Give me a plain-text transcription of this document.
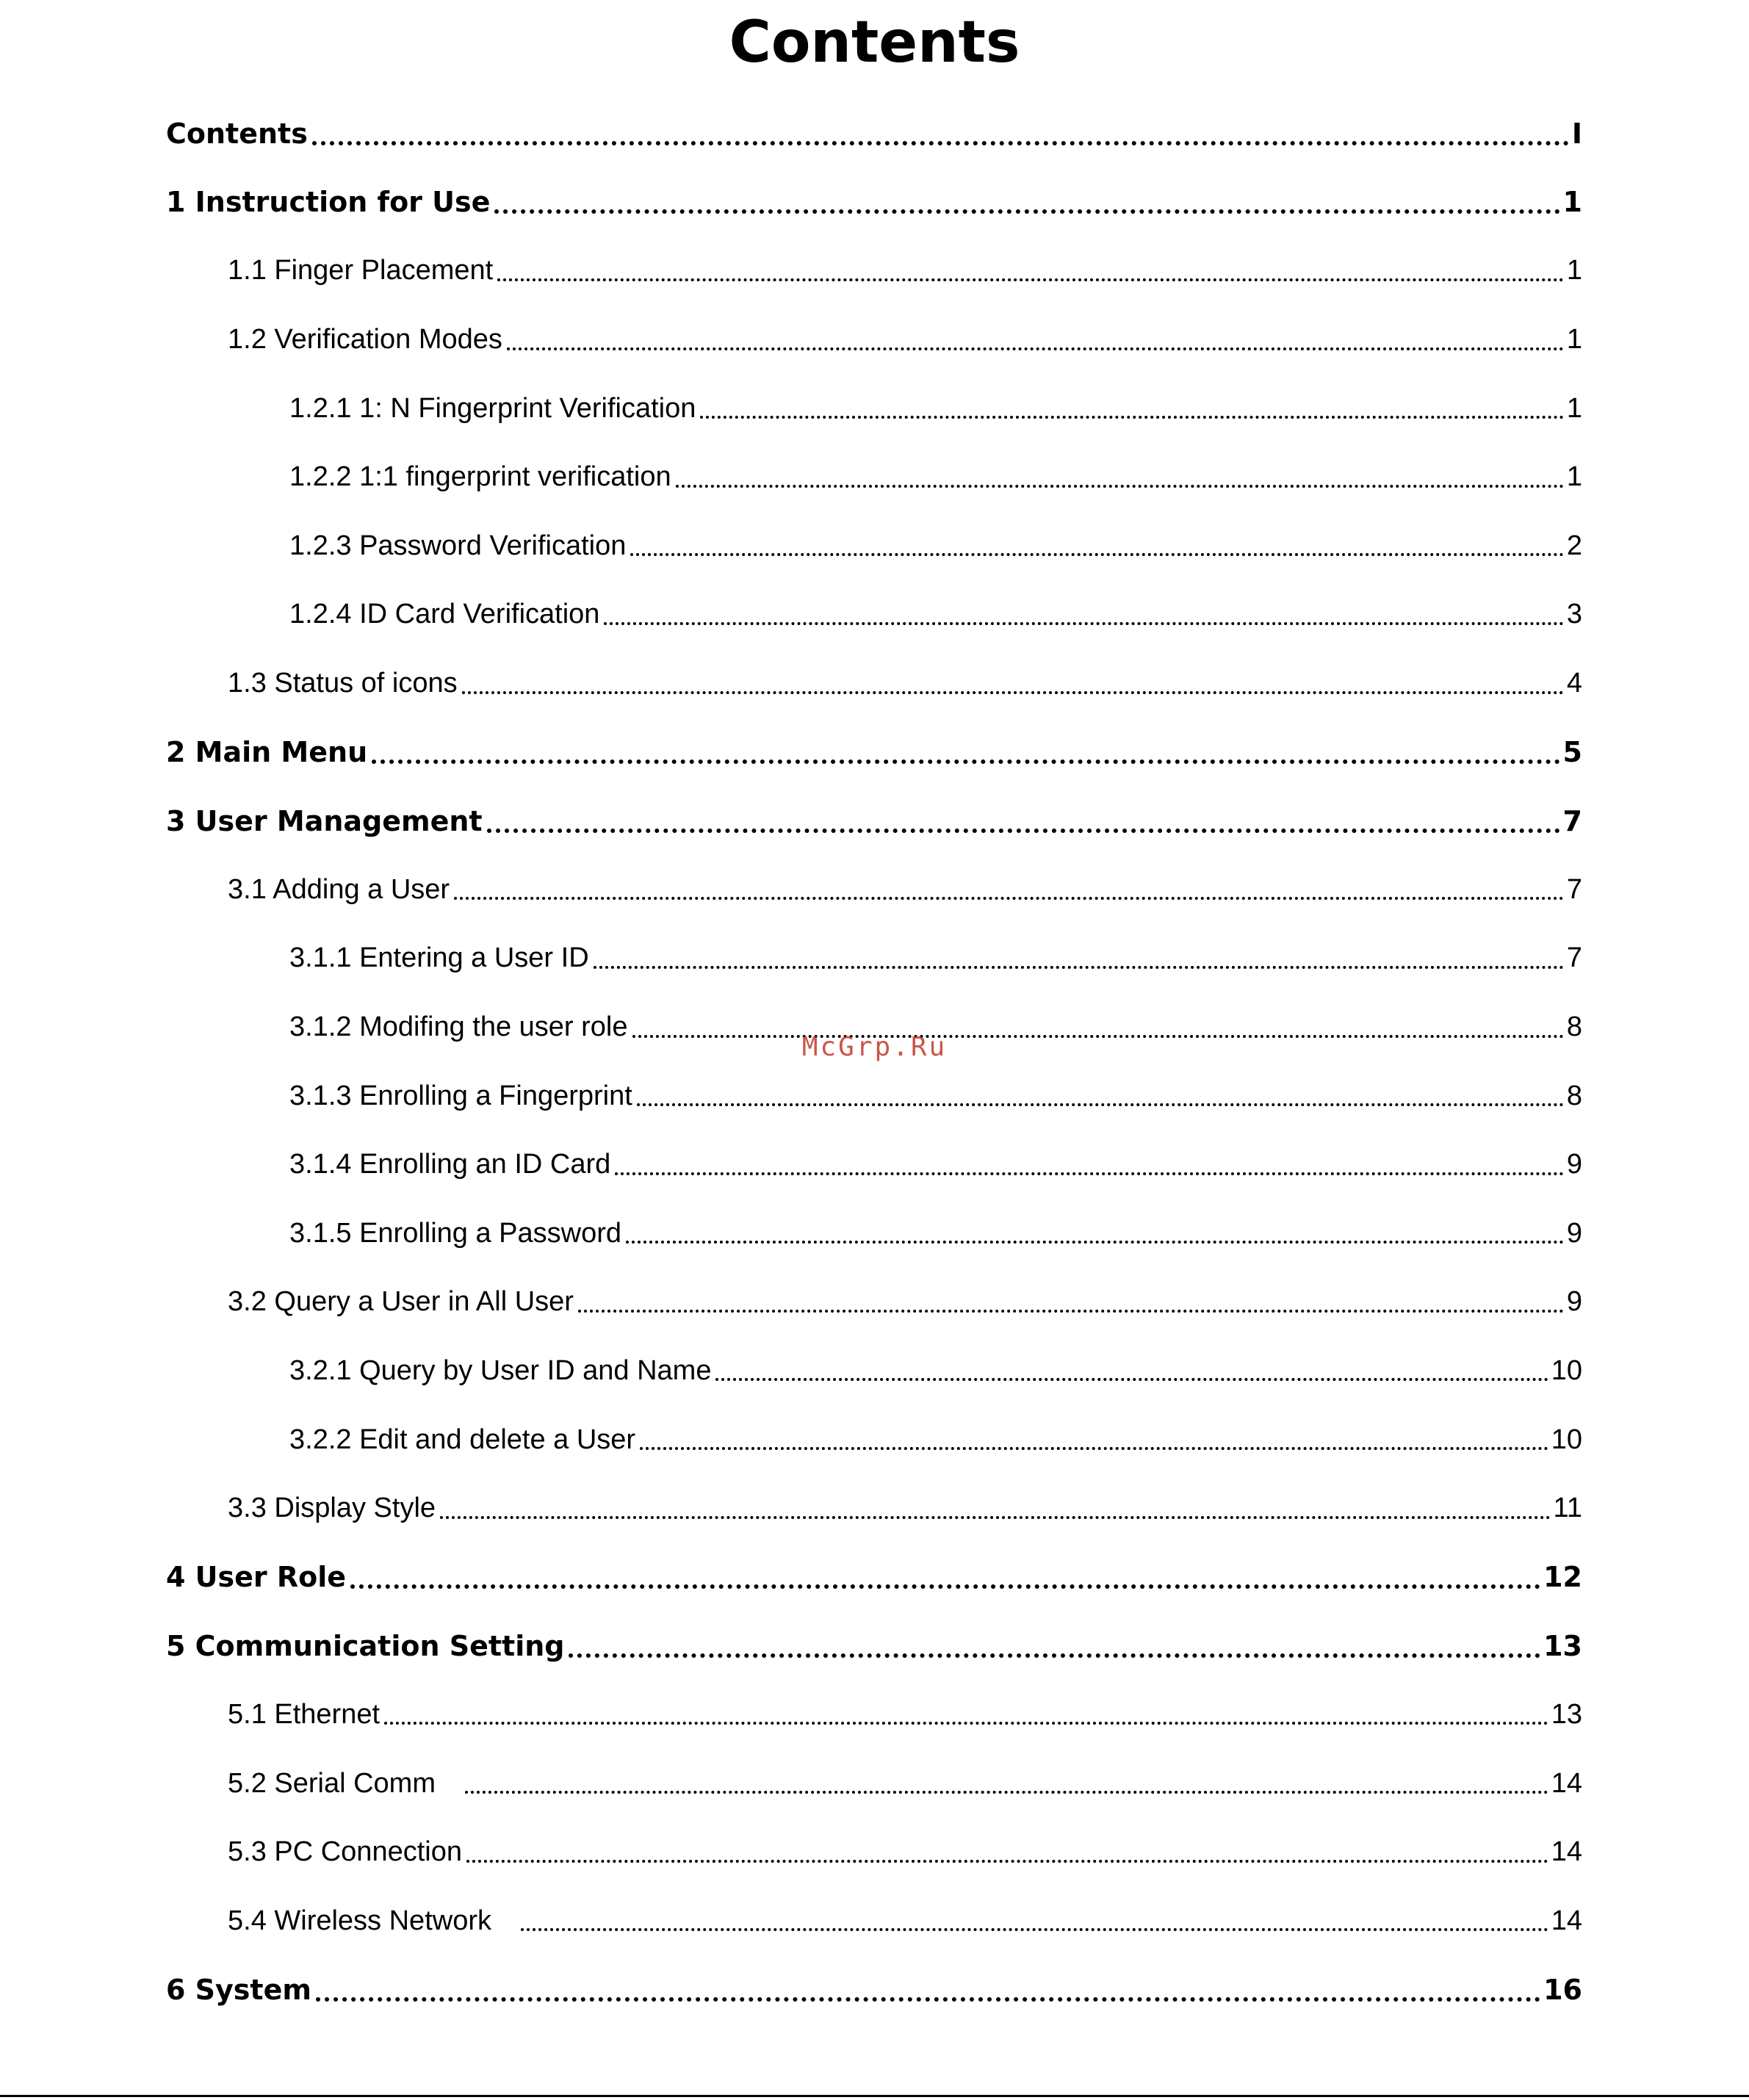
Contents
Contents	I
1 Instruction for Use	1
1.1 Finger Placement	1
1.2 Verification Modes	1
1.2.1 1: N Fingerprint Verification	1
1.2.2 1:1 fingerprint verification	1
1.2.3 Password Verification	2
1.2.4 ID Card Verification	3
1.3 Status of icons	4
2 Main Menu	5
3 User Management	7
3.1 Adding a User	7
3.1.1 Entering a User ID	7
3.1.2 Modifing the user role	8
3.1.3 Enrolling a Fingerprint	8
3.1.4 Enrolling an ID Card	9
3.1.5 Enrolling a Password	9
3.2 Query a User in All User	9
3.2.1 Query by User ID and Name	10
3.2.2 Edit and delete a User	10
3.3 Display Style	11
4 User Role	12
5 Communication Setting	13
5.1 Ethernet	13
5.2 Serial Comm	14
5.3 PC Connection	14
5.4 Wireless Network	14
6 System	16
McGrp.Ru
